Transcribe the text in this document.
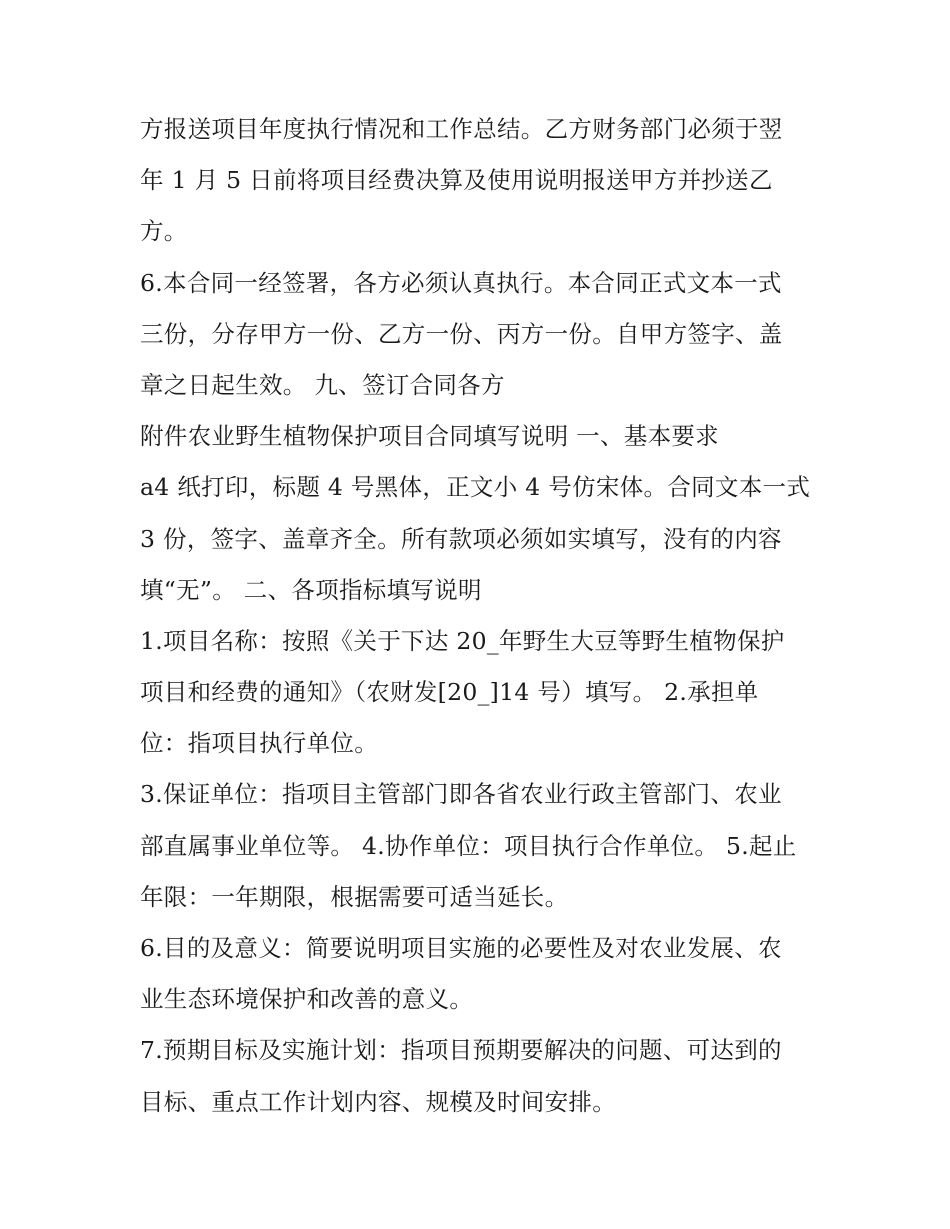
方报送项目年度执行情况和工作总结。乙方财务部门必须于翌
年 1 月 5 日前将项目经费决算及使用说明报送甲方并抄送乙
方。
6.本合同一经签署，各方必须认真执行。本合同正式文本一式
三份，分存甲方一份、乙方一份、丙方一份。自甲方签字、盖
章之日起生效。 九、签订合同各方
附件农业野生植物保护项目合同填写说明 一、基本要求
a4 纸打印，标题 4 号黑体，正文小 4 号仿宋体。合同文本一式
3 份，签字、盖章齐全。所有款项必须如实填写，没有的内容
填“无”。 二、各项指标填写说明
1.项目名称：按照《关于下达 20_年野生大豆等野生植物保护
项目和经费的通知》（农财发[20_]14 号）填写。 2.承担单
位：指项目执行单位。
3.保证单位：指项目主管部门即各省农业行政主管部门、农业
部直属事业单位等。 4.协作单位：项目执行合作单位。 5.起止
年限：一年期限，根据需要可适当延长。
6.目的及意义：简要说明项目实施的必要性及对农业发展、农
业生态环境保护和改善的意义。
7.预期目标及实施计划：指项目预期要解决的问题、可达到的
目标、重点工作计划内容、规模及时间安排。
